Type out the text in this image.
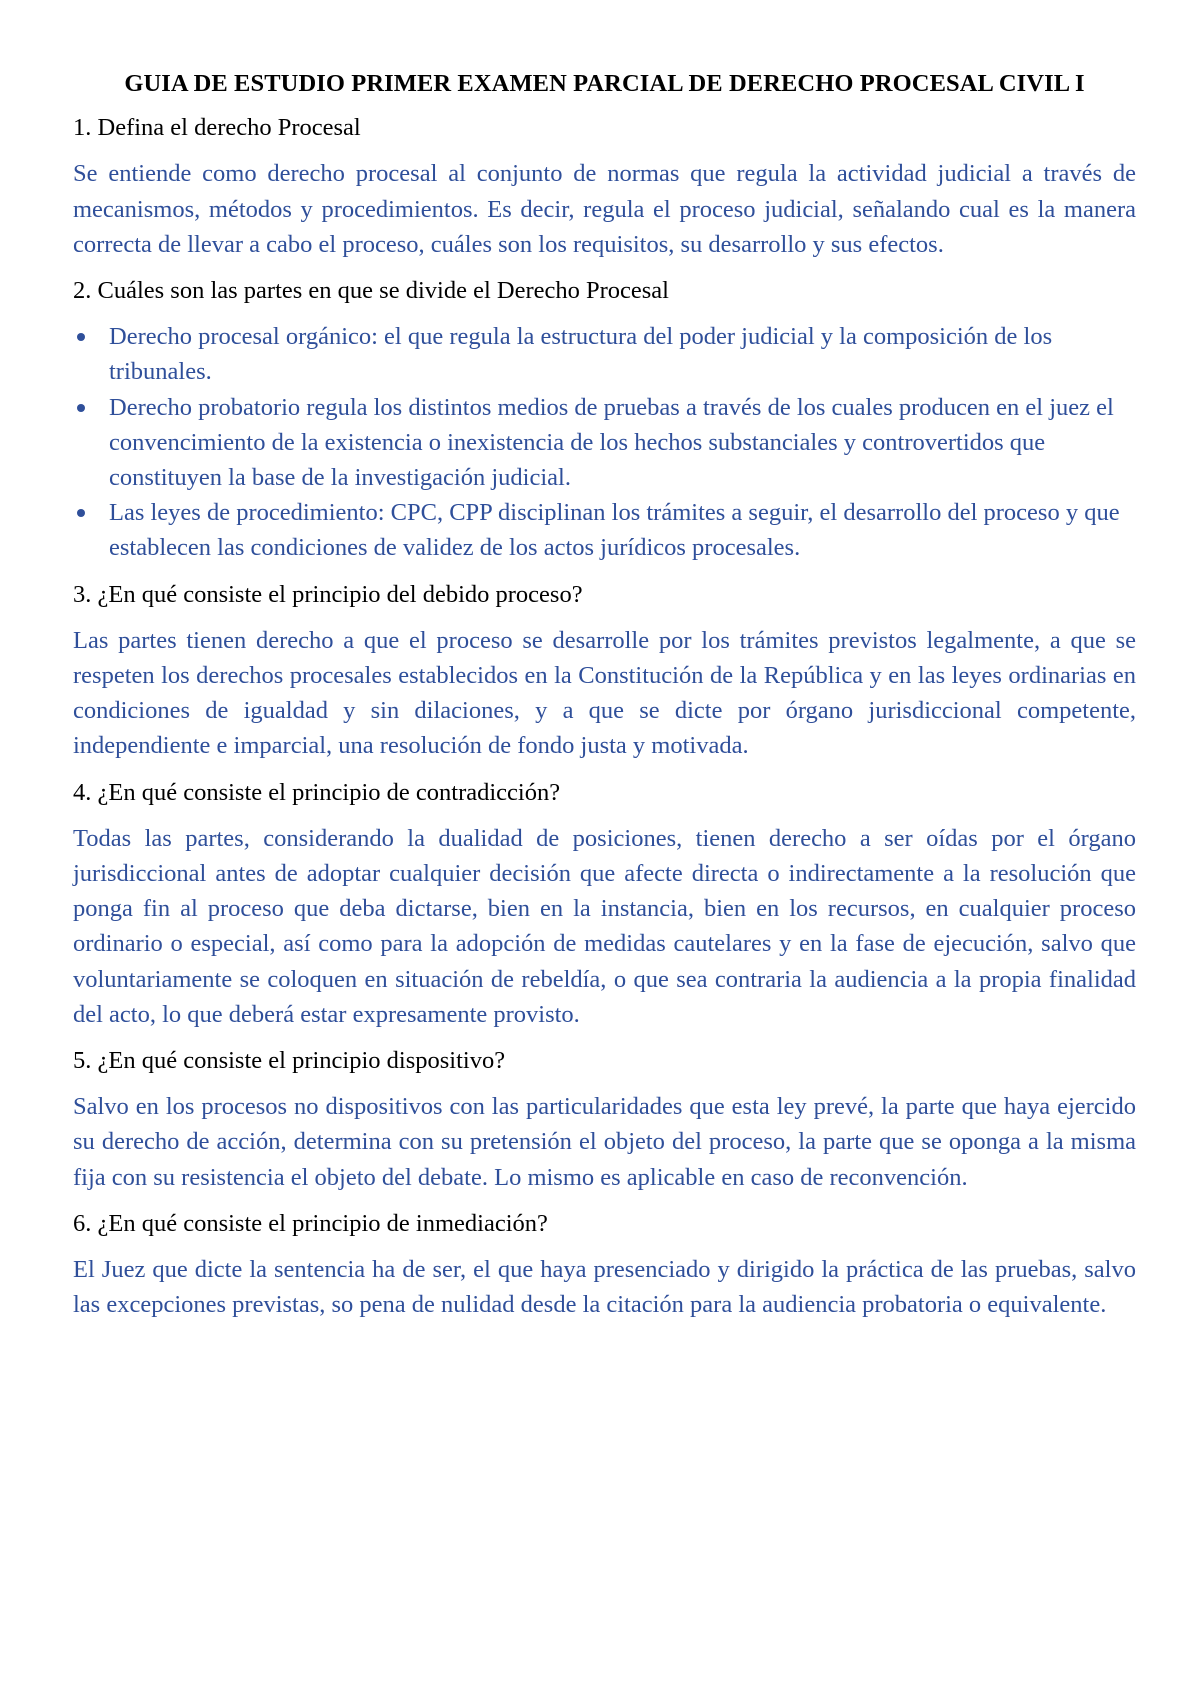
GUIA DE ESTUDIO PRIMER EXAMEN PARCIAL DE DERECHO PROCESAL CIVIL I

1. Defina el derecho Procesal

Se entiende como derecho procesal al conjunto de normas que regula la actividad judicial a través de mecanismos, métodos y procedimientos. Es decir, regula el proceso judicial, señalando cual es la manera correcta de llevar a cabo el proceso, cuáles son los requisitos, su desarrollo y sus efectos.

2. Cuáles son las partes en que se divide el Derecho Procesal

Derecho procesal orgánico: el que regula la estructura del poder judicial y la composición de los tribunales.
Derecho probatorio regula los distintos medios de pruebas a través de los cuales producen en el juez el convencimiento de la existencia o inexistencia de los hechos substanciales y controvertidos que constituyen la base de la investigación judicial.
Las leyes de procedimiento: CPC, CPP disciplinan los trámites a seguir, el desarrollo del proceso y que establecen las condiciones de validez de los actos jurídicos procesales.

3. ¿En qué consiste el principio del debido proceso?

Las partes tienen derecho a que el proceso se desarrolle por los trámites previstos legalmente, a que se respeten los derechos procesales establecidos en la Constitución de la República y en las leyes ordinarias en condiciones de igualdad y sin dilaciones, y a que se dicte por órgano jurisdiccional competente, independiente e imparcial, una resolución de fondo justa y motivada.

4. ¿En qué consiste el principio de contradicción?

Todas las partes, considerando la dualidad de posiciones, tienen derecho a ser oídas por el órgano jurisdiccional antes de adoptar cualquier decisión que afecte directa o indirectamente a la resolución que ponga fin al proceso que deba dictarse, bien en la instancia, bien en los recursos, en cualquier proceso ordinario o especial, así como para la adopción de medidas cautelares y en la fase de ejecución, salvo que voluntariamente se coloquen en situación de rebeldía, o que sea contraria la audiencia a la propia finalidad del acto, lo que deberá estar expresamente provisto.

5. ¿En qué consiste el principio dispositivo?

Salvo en los procesos no dispositivos con las particularidades que esta ley prevé, la parte que haya ejercido su derecho de acción, determina con su pretensión el objeto del proceso, la parte que se oponga a la misma fija con su resistencia el objeto del debate. Lo mismo es aplicable en caso de reconvención.

6. ¿En qué consiste el principio de inmediación?

El Juez que dicte la sentencia ha de ser, el que haya presenciado y dirigido la práctica de las pruebas, salvo las excepciones previstas, so pena de nulidad desde la citación para la audiencia probatoria o equivalente.
